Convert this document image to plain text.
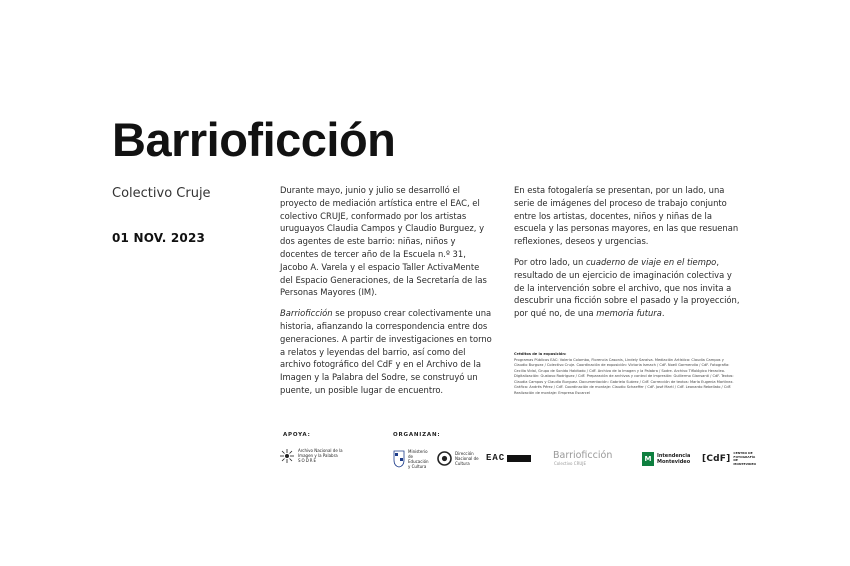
Barrioficción
Colectivo Cruje
01 NOV. 2023

Durante mayo, junio y julio se desarrolló el proyecto de mediación artística entre el EAC, el colectivo CRUJE, conformado por los artistas uruguayos Claudia Campos y Claudio Burguez, y dos agentes de este barrio: niñas, niños y docentes de tercer año de la Escuela n.º 31, Jacobo A. Varela y el espacio Taller ActivaMente del Espacio Generaciones, de la Secretaría de las Personas Mayores (IM).

Barrioficción se propuso crear colectivamente una historia, afianzando la correspondencia entre dos generaciones. A partir de investigaciones en torno a relatos y leyendas del barrio, así como del archivo fotográfico del CdF y en el Archivo de la Imagen y la Palabra del Sodre, se construyó un puente, un posible lugar de encuentro.

En esta fotogalería se presentan, por un lado, una serie de imágenes del proceso de trabajo conjunto entre los artistas, docentes, niños y niñas de la escuela y las personas mayores, en las que resuenan reflexiones, deseos y urgencias.

Por otro lado, un cuaderno de viaje en el tiempo, resultado de un ejercicio de imaginación colectiva y de la intervención sobre el archivo, que nos invita a descubrir una ficción sobre el pasado y la proyección, por qué no, de una memoria futura.

Créditos de la exposición:
Programas Públicos EAC: Valeria Colombo, Florencia Casonis, Lindely Saraiva. Mediación Artística: Claudia Campos y Claudio Burguez / Colectivo Cruje. Coordinación de exposición: Victoria Ismach / CdF. Noelí Garmendia / CdF. Fotografía: Cecilia Vidal, Grupo de Sonido Habitado / CdF. Archivo de la Imagen y la Palabra / Sodre. Archivo Tiflológico Heracleo. Digitalización: Gustavo Rodríguez / CdF. Preparación de archivos y control de impresión: Guillermo Giansanti / CdF. Textos: Claudia Campos y Claudio Burguez. Documentación: Gabriela Suárez / CdF. Corrección de textos: María Eugenia Martínez. Gráfica: Andrés Pérez / CdF. Coordinación de montaje: Claudio Schaeffer / CdF. José Martí / CdF. Leonardo Rebellato / CdF. Realización de montaje: Empresa Escarcel
APOYA:	ORGANIZAN:
Archivo Nacional de la Imagen y la Palabra
SODRE
Ministerio de Educación y Cultura
Dirección Nacional de Cultura
EAC	Barrioficción
Colectivo CRUJE
M	Intendencia Montevideo [CdF]
CENTRO DE FOTOGRAFÍA DE MONTEVIDEO
